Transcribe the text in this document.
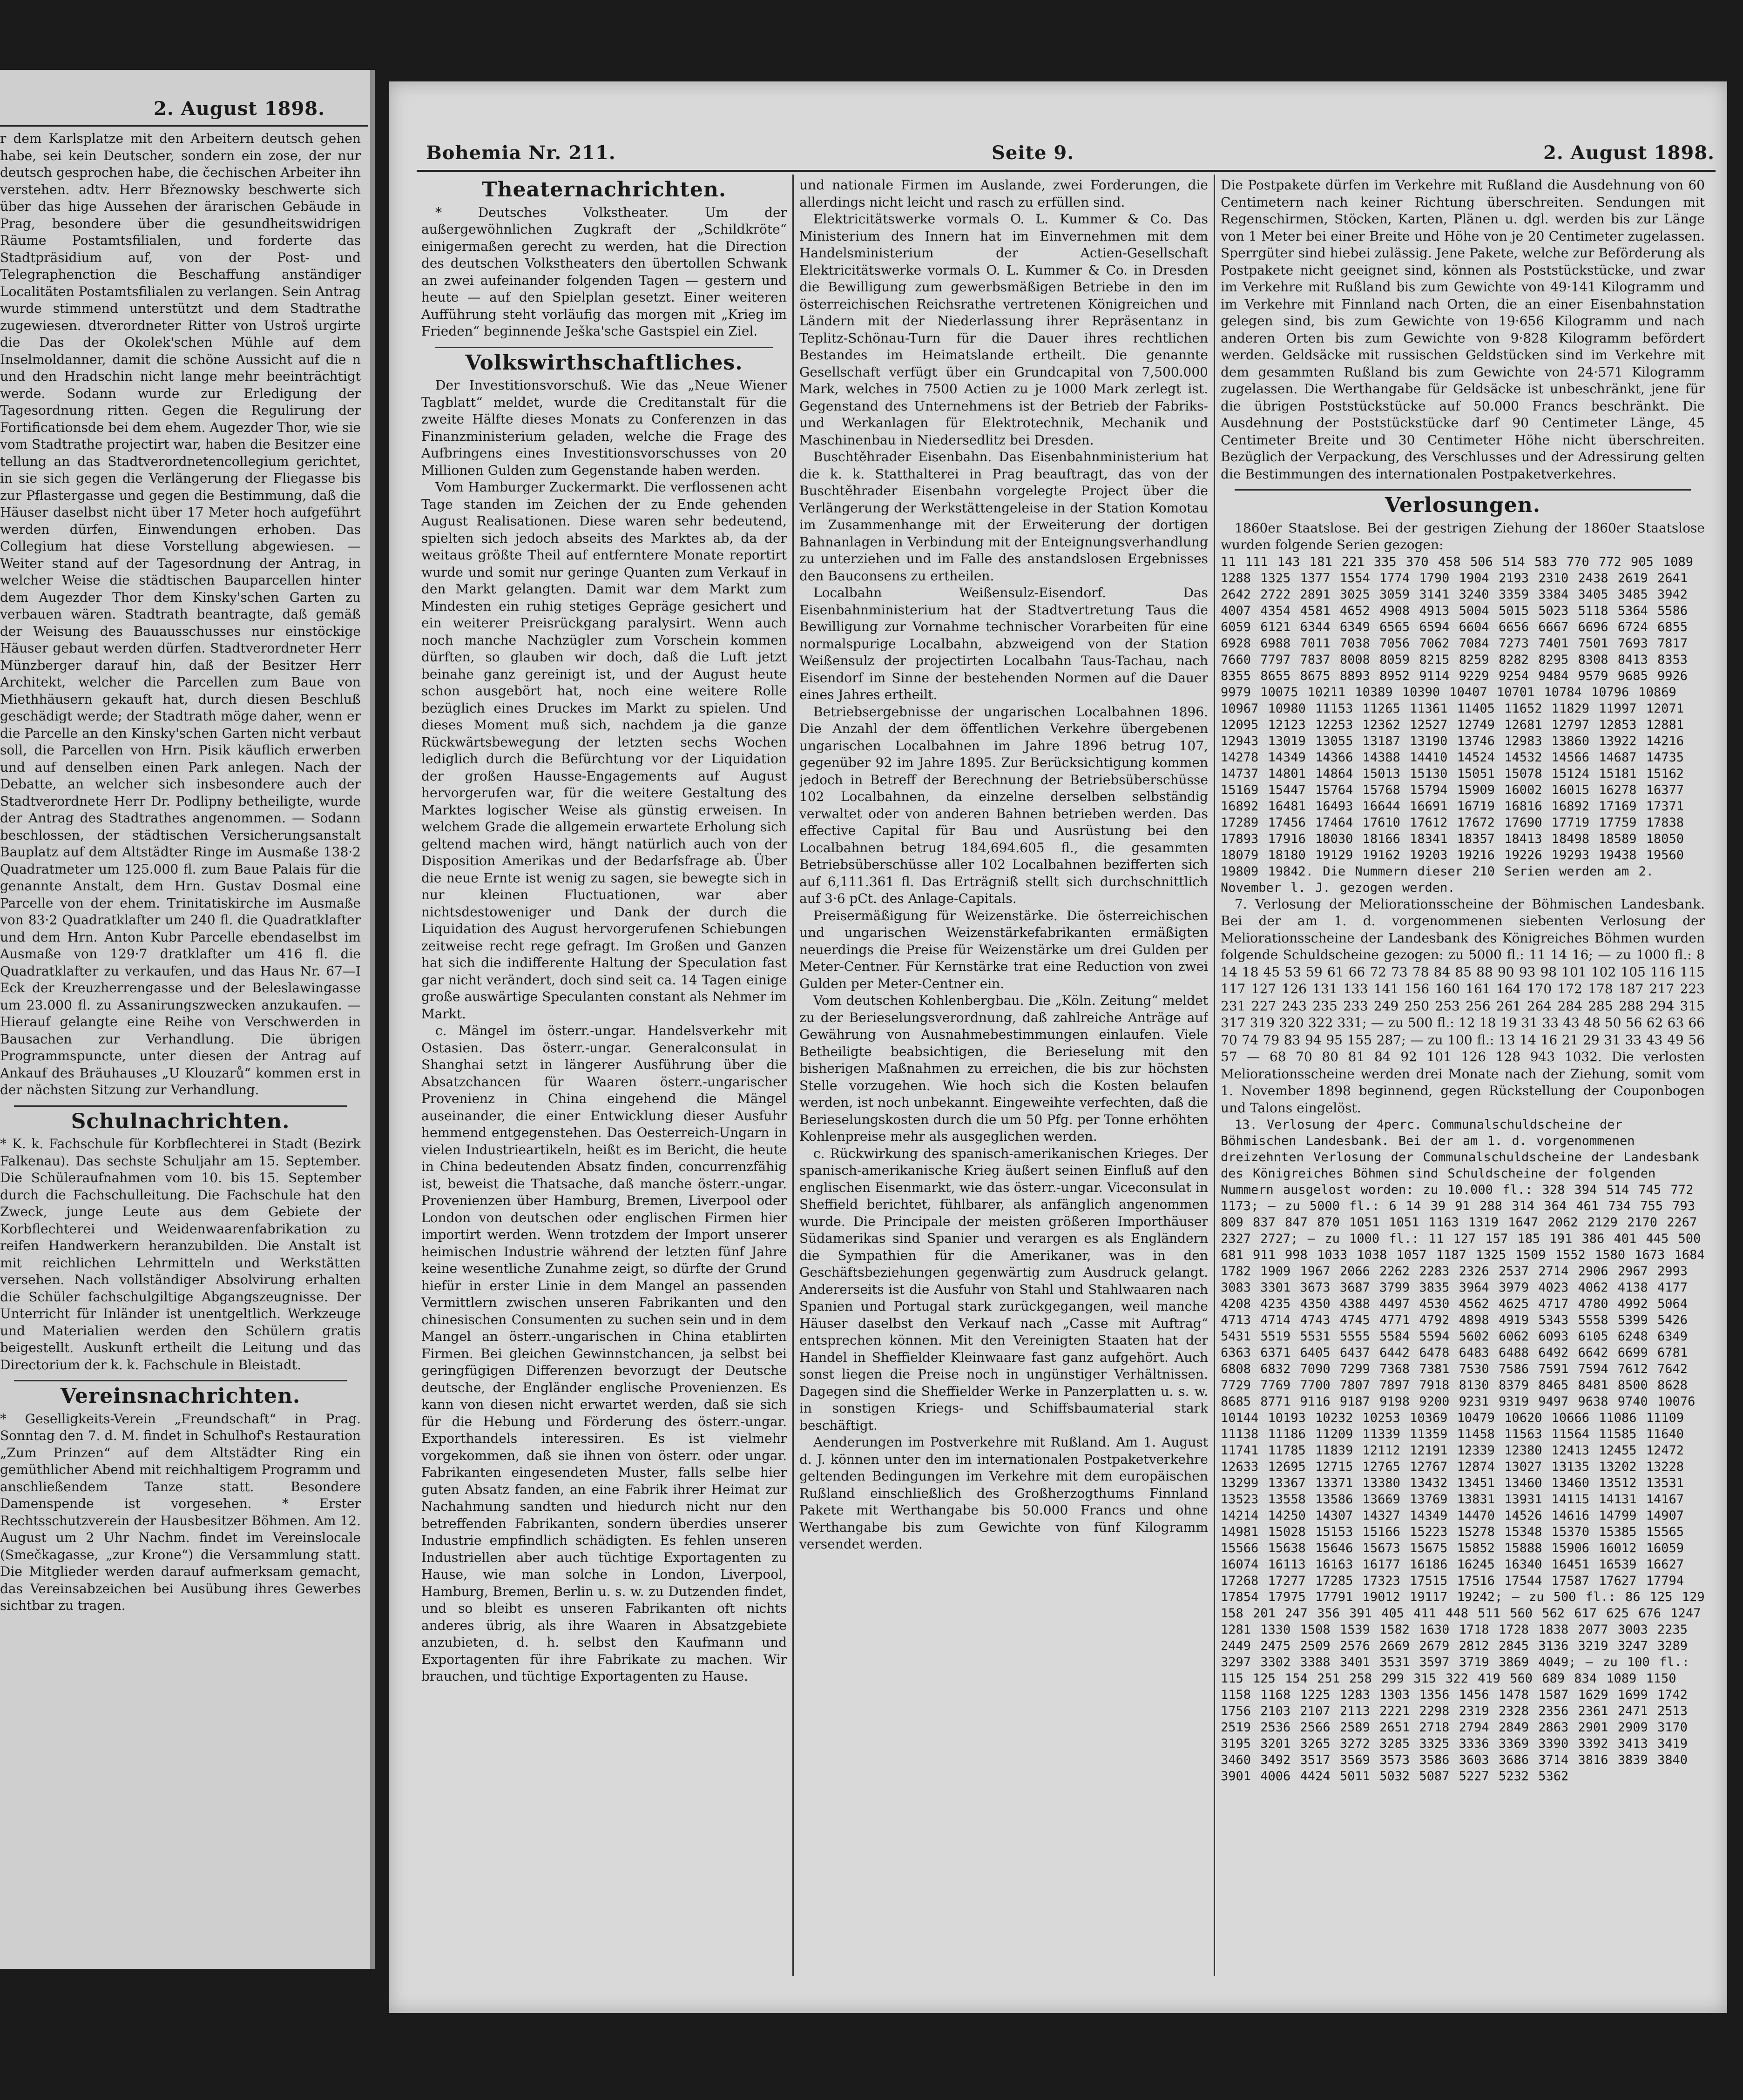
2. August 1898.

r dem Karlsplatze mit den Arbeitern deutsch gehen habe, sei kein Deutscher, sondern ein zose, der nur deutsch gesprochen habe, die čechischen Arbeiter ihn verstehen. adtv. Herr Březnowsky beschwerte sich über das hige Aussehen der ärarischen Gebäude in Prag, besondere über die gesundheitswidrigen Räume Postamtsfilialen, und forderte das Stadtpräsidium auf, von der Post- und Telegraphenction die Beschaffung anständiger Localitäten Postamtsfilialen zu verlangen. Sein Antrag wurde stimmend unterstützt und dem Stadtrathe zugewiesen. dtverordneter Ritter von Ustroš urgirte die Das der Okolek'schen Mühle auf dem Inselmoldanner, damit die schöne Aussicht auf die n und den Hradschin nicht lange mehr beeinträchtigt werde. Sodann wurde zur Erledigung der Tagesordnung ritten. Gegen die Regulirung der Fortificationsde bei dem ehem. Augezder Thor, wie sie vom Stadtrathe projectirt war, haben die Besitzer eine tellung an das Stadtverordnetencollegium gerichtet, in sie sich gegen die Verlängerung der Fliegasse bis zur Pflastergasse und gegen die Bestimmung, daß die Häuser daselbst nicht über 17 Meter hoch aufgeführt werden dürfen, Einwendungen erhoben. Das Collegium hat diese Vorstellung abgewiesen. — Weiter stand auf der Tagesordnung der Antrag, in welcher Weise die städtischen Bauparcellen hinter dem Augezder Thor dem Kinsky'schen Garten zu verbauen wären. Stadtrath beantragte, daß gemäß der Weisung des Bauausschusses nur einstöckige Häuser gebaut werden dürfen. Stadtverordneter Herr Münzberger darauf hin, daß der Besitzer Herr Architekt, welcher die Parcellen zum Baue von Miethhäusern gekauft hat, durch diesen Beschluß geschädigt werde; der Stadtrath möge daher, wenn er die Parcelle an den Kinsky'schen Garten nicht verbaut soll, die Parcellen von Hrn. Pisik käuflich erwerben und auf denselben einen Park anlegen. Nach der Debatte, an welcher sich insbesondere auch der Stadtverordnete Herr Dr. Podlipny betheiligte, wurde der Antrag des Stadtrathes angenommen. — Sodann beschlossen, der städtischen Versicherungsanstalt Bauplatz auf dem Altstädter Ringe im Ausmaße 138·2 Quadratmeter um 125.000 fl. zum Baue Palais für die genannte Anstalt, dem Hrn. Gustav Dosmal eine Parcelle von der ehem. Trinitatiskirche im Ausmaße von 83·2 Quadratklafter um 240 fl. die Quadratklafter und dem Hrn. Anton Kubr Parcelle ebendaselbst im Ausmaße von 129·7 dratklafter um 416 fl. die Quadratklafter zu verkaufen, und das Haus Nr. 67—I Eck der Kreuzherrengasse und der Beleslawingasse um 23.000 fl. zu Assanirungszwecken anzukaufen. — Hierauf gelangte eine Reihe von Verschwerden in Bausachen zur Verhandlung. Die übrigen Programmspuncte, unter diesen der Antrag auf Ankauf des Bräuhauses „U Klouzarů“ kommen erst in der nächsten Sitzung zur Verhandlung.

Schulnachrichten.

* K. k. Fachschule für Korbflechterei in Stadt (Bezirk Falkenau). Das sechste Schuljahr am 15. September. Die Schüleraufnahmen vom 10. bis 15. September durch die Fachschulleitung. Die Fachschule hat den Zweck, junge Leute aus dem Gebiete der Korbflechterei und Weidenwaarenfabrikation zu reifen Handwerkern heranzubilden. Die Anstalt ist mit reichlichen Lehrmitteln und Werkstätten versehen. Nach vollständiger Absolvirung erhalten die Schüler fachschulgiltige Abgangszeugnisse. Der Unterricht für Inländer ist unentgeltlich. Werkzeuge und Materialien werden den Schülern gratis beigestellt. Auskunft ertheilt die Leitung und das Directorium der k. k. Fachschule in Bleistadt.

Vereinsnachrichten.

* Geselligkeits-Verein „Freundschaft“ in Prag. Sonntag den 7. d. M. findet in Schulhof's Restauration „Zum Prinzen“ auf dem Altstädter Ring ein gemüthlicher Abend mit reichhaltigem Programm und anschließendem Tanze statt. Besondere Damenspende ist vorgesehen. * Erster Rechtsschutzverein der Hausbesitzer Böhmen. Am 12. August um 2 Uhr Nachm. findet im Vereinslocale (Smečkagasse, „zur Krone“) die Versammlung statt. Die Mitglieder werden darauf aufmerksam gemacht, das Vereinsabzeichen bei Ausübung ihres Gewerbes sichtbar zu tragen.

Bohemia Nr. 211.	Seite 9.	2. August 1898.
Theaternachrichten.

* Deutsches Volkstheater. Um der außergewöhnlichen Zugkraft der „Schildkröte“ einigermaßen gerecht zu werden, hat die Direction des deutschen Volkstheaters den übertollen Schwank an zwei aufeinander folgenden Tagen — gestern und heute — auf den Spielplan gesetzt. Einer weiteren Aufführung steht vorläufig das morgen mit „Krieg im Frieden“ beginnende Ješka'sche Gastspiel ein Ziel.

Volkswirthschaftliches.

Der Investitionsvorschuß. Wie das „Neue Wiener Tagblatt“ meldet, wurde die Creditanstalt für die zweite Hälfte dieses Monats zu Conferenzen in das Finanzministerium geladen, welche die Frage des Aufbringens eines Investitionsvorschusses von 20 Millionen Gulden zum Gegenstande haben werden.

Vom Hamburger Zuckermarkt. Die verflossenen acht Tage standen im Zeichen der zu Ende gehenden August Realisationen. Diese waren sehr bedeutend, spielten sich jedoch abseits des Marktes ab, da der weitaus größte Theil auf entferntere Monate reportirt wurde und somit nur geringe Quanten zum Verkauf in den Markt gelangten. Damit war dem Markt zum Mindesten ein ruhig stetiges Gepräge gesichert und ein weiterer Preisrückgang paralysirt. Wenn auch noch manche Nachzügler zum Vorschein kommen dürften, so glauben wir doch, daß die Luft jetzt beinahe ganz gereinigt ist, und der August heute schon ausgebört hat, noch eine weitere Rolle bezüglich eines Druckes im Markt zu spielen. Und dieses Moment muß sich, nachdem ja die ganze Rückwärtsbewegung der letzten sechs Wochen lediglich durch die Befürchtung vor der Liquidation der großen Hausse-Engagements auf August hervorgerufen war, für die weitere Gestaltung des Marktes logischer Weise als günstig erweisen. In welchem Grade die allgemein erwartete Erholung sich geltend machen wird, hängt natürlich auch von der Disposition Amerikas und der Bedarfsfrage ab. Über die neue Ernte ist wenig zu sagen, sie bewegte sich in nur kleinen Fluctuationen, war aber nichtsdestoweniger und Dank der durch die Liquidation des August hervorgerufenen Schiebungen zeitweise recht rege gefragt. Im Großen und Ganzen hat sich die indifferente Haltung der Speculation fast gar nicht verändert, doch sind seit ca. 14 Tagen einige große auswärtige Speculanten constant als Nehmer im Markt.

c. Mängel im österr.-ungar. Handelsverkehr mit Ostasien. Das österr.-ungar. Generalconsulat in Shanghai setzt in längerer Ausführung über die Absatzchancen für Waaren österr.-ungarischer Provenienz in China eingehend die Mängel auseinander, die einer Entwicklung dieser Ausfuhr hemmend entgegenstehen. Das Oesterreich-Ungarn in vielen Industrieartikeln, heißt es im Bericht, die heute in China bedeutenden Absatz finden, concurrenzfähig ist, beweist die Thatsache, daß manche österr.-ungar. Provenienzen über Hamburg, Bremen, Liverpool oder London von deutschen oder englischen Firmen hier importirt werden. Wenn trotzdem der Import unserer heimischen Industrie während der letzten fünf Jahre keine wesentliche Zunahme zeigt, so dürfte der Grund hiefür in erster Linie in dem Mangel an passenden Vermittlern zwischen unseren Fabrikanten und den chinesischen Consumenten zu suchen sein und in dem Mangel an österr.-ungarischen in China etablirten Firmen. Bei gleichen Gewinnstchancen, ja selbst bei geringfügigen Differenzen bevorzugt der Deutsche deutsche, der Engländer englische Provenienzen. Es kann von diesen nicht erwartet werden, daß sie sich für die Hebung und Förderung des österr.-ungar. Exporthandels interessiren. Es ist vielmehr vorgekommen, daß sie ihnen von österr. oder ungar. Fabrikanten eingesendeten Muster, falls selbe hier guten Absatz fanden, an eine Fabrik ihrer Heimat zur Nachahmung sandten und hiedurch nicht nur den betreffenden Fabrikanten, sondern überdies unserer Industrie empfindlich schädigten. Es fehlen unseren Industriellen aber auch tüchtige Exportagenten zu Hause, wie man solche in London, Liverpool, Hamburg, Bremen, Berlin u. s. w. zu Dutzenden findet, und so bleibt es unseren Fabrikanten oft nichts anderes übrig, als ihre Waaren in Absatzgebiete anzubieten, d. h. selbst den Kaufmann und Exportagenten für ihre Fabrikate zu machen. Wir brauchen, und tüchtige Exportagenten zu Hause.

und nationale Firmen im Auslande, zwei Forderungen, die allerdings nicht leicht und rasch zu erfüllen sind.

Elektricitätswerke vormals O. L. Kummer & Co. Das Ministerium des Innern hat im Einvernehmen mit dem Handelsministerium der Actien-Gesellschaft Elektricitätswerke vormals O. L. Kummer & Co. in Dresden die Bewilligung zum gewerbsmäßigen Betriebe in den im österreichischen Reichsrathe vertretenen Königreichen und Ländern mit der Niederlassung ihrer Repräsentanz in Teplitz-Schönau-Turn für die Dauer ihres rechtlichen Bestandes im Heimatslande ertheilt. Die genannte Gesellschaft verfügt über ein Grundcapital von 7,500.000 Mark, welches in 7500 Actien zu je 1000 Mark zerlegt ist. Gegenstand des Unternehmens ist der Betrieb der Fabriks- und Werkanlagen für Elektrotechnik, Mechanik und Maschinenbau in Niedersedlitz bei Dresden.

Buschtěhrader Eisenbahn. Das Eisenbahnministerium hat die k. k. Statthalterei in Prag beauftragt, das von der Buschtěhrader Eisenbahn vorgelegte Project über die Verlängerung der Werkstättengeleise in der Station Komotau im Zusammenhange mit der Erweiterung der dortigen Bahnanlagen in Verbindung mit der Enteignungsverhandlung zu unterziehen und im Falle des anstandslosen Ergebnisses den Bauconsens zu ertheilen.

Localbahn Weißensulz-Eisendorf. Das Eisenbahnministerium hat der Stadtvertretung Taus die Bewilligung zur Vornahme technischer Vorarbeiten für eine normalspurige Localbahn, abzweigend von der Station Weißensulz der projectirten Localbahn Taus-Tachau, nach Eisendorf im Sinne der bestehenden Normen auf die Dauer eines Jahres ertheilt.

Betriebsergebnisse der ungarischen Localbahnen 1896. Die Anzahl der dem öffentlichen Verkehre übergebenen ungarischen Localbahnen im Jahre 1896 betrug 107, gegenüber 92 im Jahre 1895. Zur Berücksichtigung kommen jedoch in Betreff der Berechnung der Betriebsüberschüsse 102 Localbahnen, da einzelne derselben selbständig verwaltet oder von anderen Bahnen betrieben werden. Das effective Capital für Bau und Ausrüstung bei den Localbahnen betrug 184,694.605 fl., die gesammten Betriebsüberschüsse aller 102 Localbahnen bezifferten sich auf 6,111.361 fl. Das Erträgniß stellt sich durchschnittlich auf 3·6 pCt. des Anlage-Capitals.

Preisermäßigung für Weizenstärke. Die österreichischen und ungarischen Weizenstärkefabrikanten ermäßigten neuerdings die Preise für Weizenstärke um drei Gulden per Meter-Centner. Für Kernstärke trat eine Reduction von zwei Gulden per Meter-Centner ein.

Vom deutschen Kohlenbergbau. Die „Köln. Zeitung“ meldet zu der Berieselungsverordnung, daß zahlreiche Anträge auf Gewährung von Ausnahmebestimmungen einlaufen. Viele Betheiligte beabsichtigen, die Berieselung mit den bisherigen Maßnahmen zu erreichen, die bis zur höchsten Stelle vorzugehen. Wie hoch sich die Kosten belaufen werden, ist noch unbekannt. Eingeweihte verfechten, daß die Berieselungskosten durch die um 50 Pfg. per Tonne erhöhten Kohlenpreise mehr als ausgeglichen werden.

c. Rückwirkung des spanisch-amerikanischen Krieges. Der spanisch-amerikanische Krieg äußert seinen Einfluß auf den englischen Eisenmarkt, wie das österr.-ungar. Viceconsulat in Sheffield berichtet, fühlbarer, als anfänglich angenommen wurde. Die Principale der meisten größeren Importhäuser Südamerikas sind Spanier und verargen es als Engländern die Sympathien für die Amerikaner, was in den Geschäftsbeziehungen gegenwärtig zum Ausdruck gelangt. Andererseits ist die Ausfuhr von Stahl und Stahlwaaren nach Spanien und Portugal stark zurückgegangen, weil manche Häuser daselbst den Verkauf nach „Casse mit Auftrag“ entsprechen können. Mit den Vereinigten Staaten hat der Handel in Sheffielder Kleinwaare fast ganz aufgehört. Auch sonst liegen die Preise noch in ungünstiger Verhältnissen. Dagegen sind die Sheffielder Werke in Panzerplatten u. s. w. in sonstigen Kriegs- und Schiffsbaumaterial stark beschäftigt.

Aenderungen im Postverkehre mit Rußland. Am 1. August d. J. können unter den im internationalen Postpaketverkehre geltenden Bedingungen im Verkehre mit dem europäischen Rußland einschließlich des Großherzogthums Finnland Pakete mit Werthangabe bis 50.000 Francs und ohne Werthangabe bis zum Gewichte von fünf Kilogramm versendet werden.

Die Postpakete dürfen im Verkehre mit Rußland die Ausdehnung von 60 Centimetern nach keiner Richtung überschreiten. Sendungen mit Regenschirmen, Stöcken, Karten, Plänen u. dgl. werden bis zur Länge von 1 Meter bei einer Breite und Höhe von je 20 Centimeter zugelassen. Sperrgüter sind hiebei zulässig. Jene Pakete, welche zur Beförderung als Postpakete nicht geeignet sind, können als Poststückstücke, und zwar im Verkehre mit Rußland bis zum Gewichte von 49·141 Kilogramm und im Verkehre mit Finnland nach Orten, die an einer Eisenbahnstation gelegen sind, bis zum Gewichte von 19·656 Kilogramm und nach anderen Orten bis zum Gewichte von 9·828 Kilogramm befördert werden. Geldsäcke mit russischen Geldstücken sind im Verkehre mit dem gesammten Rußland bis zum Gewichte von 24·571 Kilogramm zugelassen. Die Werthangabe für Geldsäcke ist unbeschränkt, jene für die übrigen Poststückstücke auf 50.000 Francs beschränkt. Die Ausdehnung der Poststückstücke darf 90 Centimeter Länge, 45 Centimeter Breite und 30 Centimeter Höhe nicht überschreiten. Bezüglich der Verpackung, des Verschlusses und der Adressirung gelten die Bestimmungen des internationalen Postpaketverkehres.

Verlosungen.

1860er Staatslose. Bei der gestrigen Ziehung der 1860er Staatslose wurden folgende Serien gezogen:

11 111 143 181 221 335 370 458 506 514 583 770 772 905 1089 1288 1325 1377 1554 1774 1790 1904 2193 2310 2438 2619 2641 2642 2722 2891 3025 3059 3141 3240 3359 3384 3405 3485 3942 4007 4354 4581 4652 4908 4913 5004 5015 5023 5118 5364 5586 6059 6121 6344 6349 6565 6594 6604 6656 6667 6696 6724 6855 6928 6988 7011 7038 7056 7062 7084 7273 7401 7501 7693 7817 7660 7797 7837 8008 8059 8215 8259 8282 8295 8308 8413 8353 8355 8655 8675 8893 8952 9114 9229 9254 9484 9579 9685 9926 9979 10075 10211 10389 10390 10407 10701 10784 10796 10869 10967 10980 11153 11265 11361 11405 11652 11829 11997 12071 12095 12123 12253 12362 12527 12749 12681 12797 12853 12881 12943 13019 13055 13187 13190 13746 12983 13860 13922 14216 14278 14349 14366 14388 14410 14524 14532 14566 14687 14735 14737 14801 14864 15013 15130 15051 15078 15124 15181 15162 15169 15447 15764 15768 15794 15909 16002 16015 16278 16377 16892 16481 16493 16644 16691 16719 16816 16892 17169 17371 17289 17456 17464 17610 17612 17672 17690 17719 17759 17838 17893 17916 18030 18166 18341 18357 18413 18498 18589 18050 18079 18180 19129 19162 19203 19216 19226 19293 19438 19560 19809 19842. Die Nummern dieser 210 Serien werden am 2. November l. J. gezogen werden.

7. Verlosung der Meliorationsscheine der Böhmischen Landesbank. Bei der am 1. d. vorgenommenen siebenten Verlosung der Meliorationsscheine der Landesbank des Königreiches Böhmen wurden folgende Schuldscheine gezogen: zu 5000 fl.: 11 14 16; — zu 1000 fl.: 8 14 18 45 53 59 61 66 72 73 78 84 85 88 90 93 98 101 102 105 116 115 117 127 126 131 133 141 156 160 161 164 170 172 178 187 217 223 231 227 243 235 233 249 250 253 256 261 264 284 285 288 294 315 317 319 320 322 331; — zu 500 fl.: 12 18 19 31 33 43 48 50 56 62 63 66 70 74 79 83 94 95 155 287; — zu 100 fl.: 13 14 16 21 29 31 33 43 49 56 57 — 68 70 80 81 84 92 101 126 128 943 1032. Die verlosten Meliorationsscheine werden drei Monate nach der Ziehung, somit vom 1. November 1898 beginnend, gegen Rückstellung der Couponbogen und Talons eingelöst.

13. Verlosung der 4perc. Communalschuldscheine der Böhmischen Landesbank. Bei der am 1. d. vorgenommenen dreizehnten Verlosung der Communalschuldscheine der Landesbank des Königreiches Böhmen sind Schuldscheine der folgenden Nummern ausgelost worden: zu 10.000 fl.: 328 394 514 745 772 1173; — zu 5000 fl.: 6 14 39 91 288 314 364 461 734 755 793 809 837 847 870 1051 1051 1163 1319 1647 2062 2129 2170 2267 2327 2727; — zu 1000 fl.: 11 127 157 185 191 386 401 445 500 681 911 998 1033 1038 1057 1187 1325 1509 1552 1580 1673 1684 1782 1909 1967 2066 2262 2283 2326 2537 2714 2906 2967 2993 3083 3301 3673 3687 3799 3835 3964 3979 4023 4062 4138 4177 4208 4235 4350 4388 4497 4530 4562 4625 4717 4780 4992 5064 4713 4714 4743 4745 4771 4792 4898 4919 5343 5558 5399 5426 5431 5519 5531 5555 5584 5594 5602 6062 6093 6105 6248 6349 6363 6371 6405 6437 6442 6478 6483 6488 6492 6642 6699 6781 6808 6832 7090 7299 7368 7381 7530 7586 7591 7594 7612 7642 7729 7769 7700 7807 7897 7918 8130 8379 8465 8481 8500 8628 8685 8771 9116 9187 9198 9200 9231 9319 9497 9638 9740 10076 10144 10193 10232 10253 10369 10479 10620 10666 11086 11109 11138 11186 11209 11339 11359 11458 11563 11564 11585 11640 11741 11785 11839 12112 12191 12339 12380 12413 12455 12472 12633 12695 12715 12765 12767 12874 13027 13135 13202 13228 13299 13367 13371 13380 13432 13451 13460 13460 13512 13531 13523 13558 13586 13669 13769 13831 13931 14115 14131 14167 14214 14250 14307 14327 14349 14470 14526 14616 14799 14907 14981 15028 15153 15166 15223 15278 15348 15370 15385 15565 15566 15638 15646 15673 15675 15852 15888 15906 16012 16059 16074 16113 16163 16177 16186 16245 16340 16451 16539 16627 17268 17277 17285 17323 17515 17516 17544 17587 17627 17794 17854 17975 17791 19012 19117 19242; — zu 500 fl.: 86 125 129 158 201 247 356 391 405 411 448 511 560 562 617 625 676 1247 1281 1330 1508 1539 1582 1630 1718 1728 1838 2077 3003 2235 2449 2475 2509 2576 2669 2679 2812 2845 3136 3219 3247 3289 3297 3302 3388 3401 3531 3597 3719 3869 4049; — zu 100 fl.: 115 125 154 251 258 299 315 322 419 560 689 834 1089 1150 1158 1168 1225 1283 1303 1356 1456 1478 1587 1629 1699 1742 1756 2103 2107 2113 2221 2298 2319 2328 2356 2361 2471 2513 2519 2536 2566 2589 2651 2718 2794 2849 2863 2901 2909 3170 3195 3201 3265 3272 3285 3325 3336 3369 3390 3392 3413 3419 3460 3492 3517 3569 3573 3586 3603 3686 3714 3816 3839 3840 3901 4006 4424 5011 5032 5087 5227 5232 5362
